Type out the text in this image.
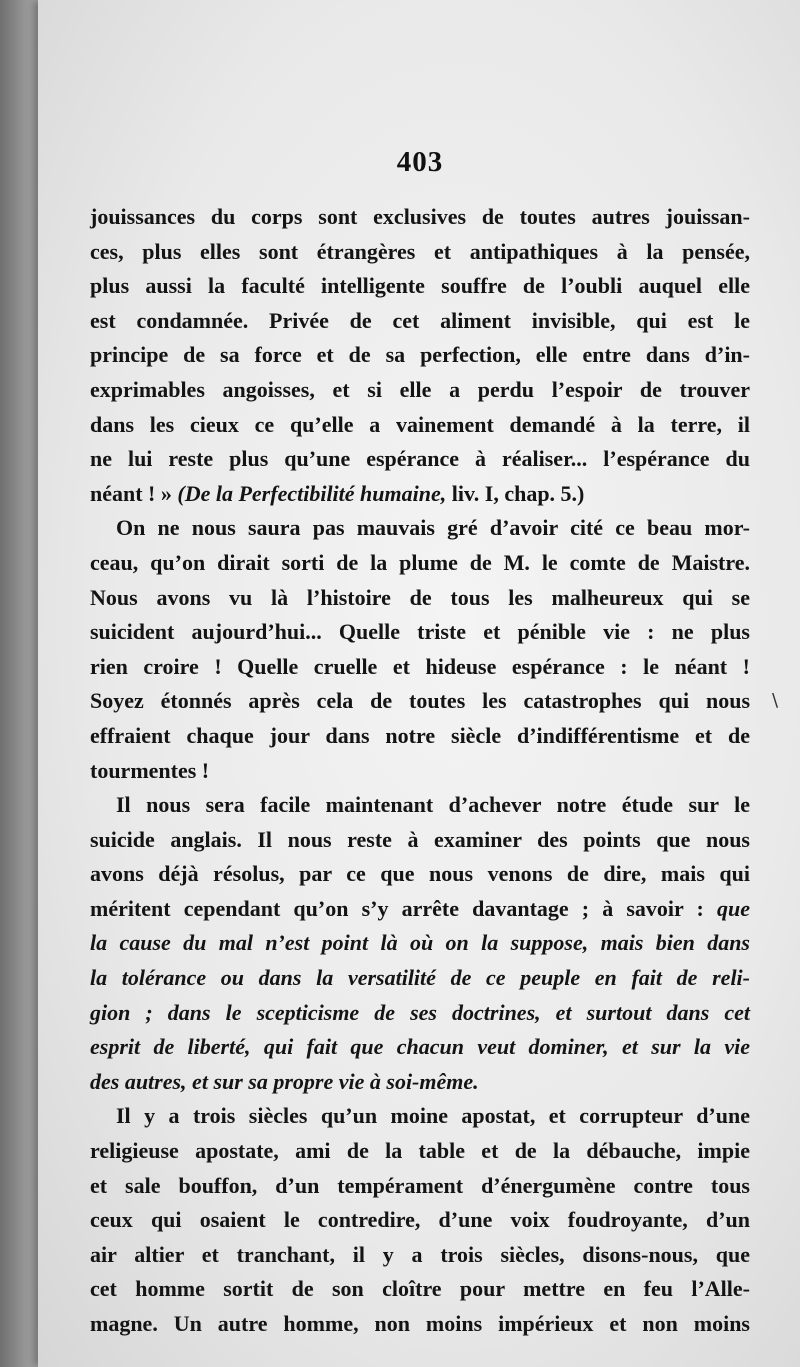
403
jouissances du corps sont exclusives de toutes autres jouissan-
ces, plus elles sont étrangères et antipathiques à la pensée,
plus aussi la faculté intelligente souffre de l’oubli auquel elle
est condamnée. Privée de cet aliment invisible, qui est le
principe de sa force et de sa perfection, elle entre dans d’in-
exprimables angoisses, et si elle a perdu l’espoir de trouver
dans les cieux ce qu’elle a vainement demandé à la terre, il
ne lui reste plus qu’une espérance à réaliser... l’espérance du
néant ! » (De la Perfectibilité humaine, liv. I, chap. 5.)
On ne nous saura pas mauvais gré d’avoir cité ce beau mor-
ceau, qu’on dirait sorti de la plume de M. le comte de Maistre.
Nous avons vu là l’histoire de tous les malheureux qui se
suicident aujourd’hui... Quelle triste et pénible vie : ne plus
rien croire ! Quelle cruelle et hideuse espérance : le néant !
Soyez étonnés après cela de toutes les catastrophes qui nous
effraient chaque jour dans notre siècle d’indifférentisme et de
tourmentes !
Il nous sera facile maintenant d’achever notre étude sur le
suicide anglais. Il nous reste à examiner des points que nous
avons déjà résolus, par ce que nous venons de dire, mais qui
méritent cependant qu’on s’y arrête davantage ; à savoir : que
la cause du mal n’est point là où on la suppose, mais bien dans
la tolérance ou dans la versatilité de ce peuple en fait de reli-
gion ; dans le scepticisme de ses doctrines, et surtout dans cet
esprit de liberté, qui fait que chacun veut dominer, et sur la vie
des autres, et sur sa propre vie à soi-même.
Il y a trois siècles qu’un moine apostat, et corrupteur d’une
religieuse apostate, ami de la table et de la débauche, impie
et sale bouffon, d’un tempérament d’énergumène contre tous
ceux qui osaient le contredire, d’une voix foudroyante, d’un
air altier et tranchant, il y a trois siècles, disons-nous, que
cet homme sortit de son cloître pour mettre en feu l’Alle-
magne. Un autre homme, non moins impérieux et non moins
\
